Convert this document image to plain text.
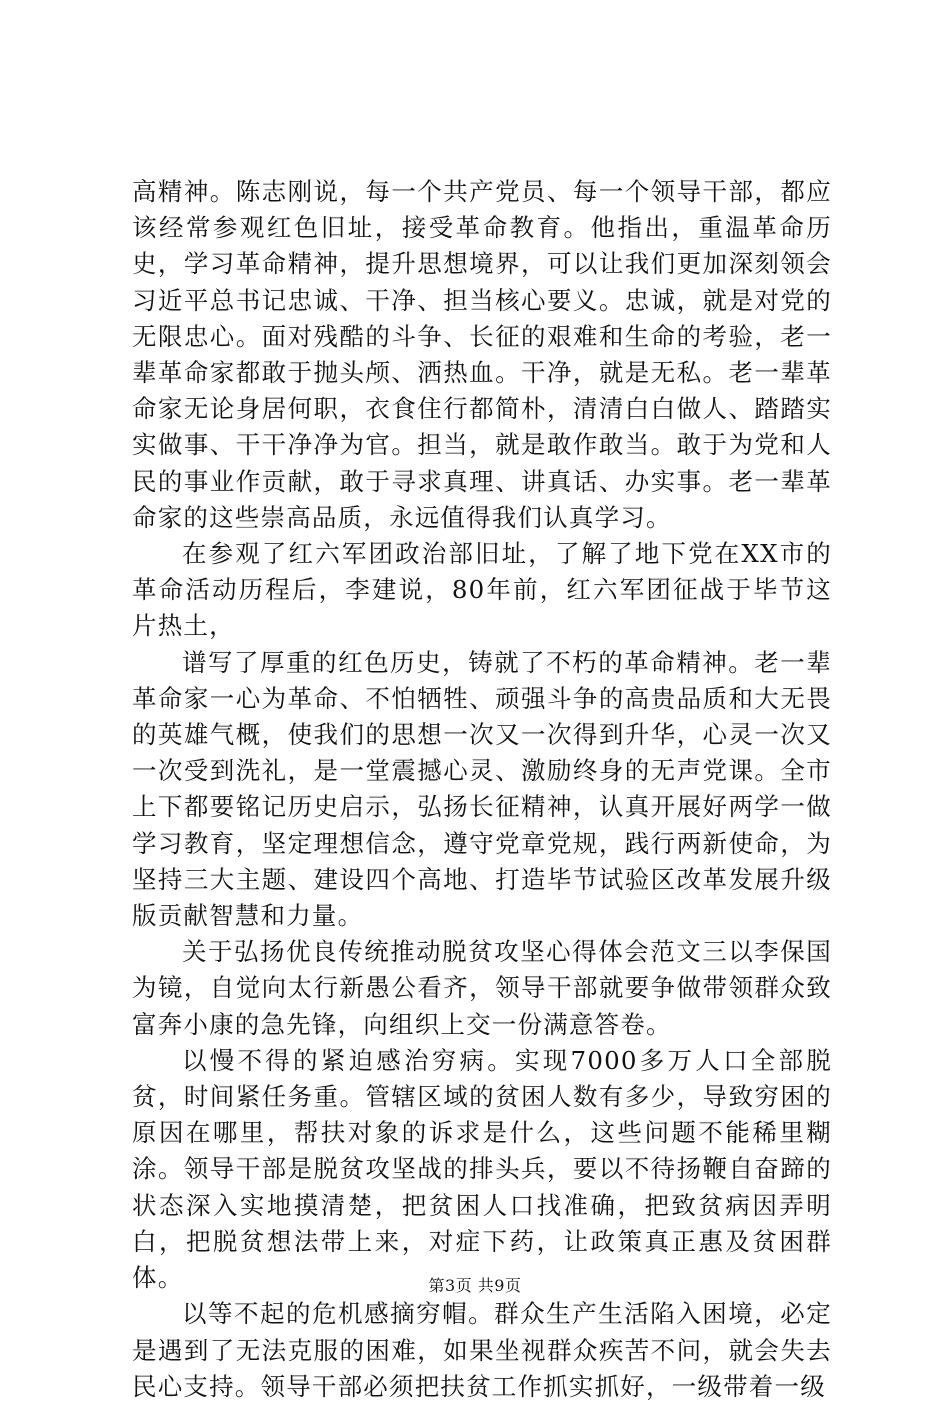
高精神。陈志刚说，每一个共产党员、每一个领导干部，都应该经常参观红色旧址，接受革命教育。他指出，重温革命历史，学习革命精神，提升思想境界，可以让我们更加深刻领会习近平总书记忠诚、干净、担当核心要义。忠诚，就是对党的无限忠心。面对残酷的斗争、长征的艰难和生命的考验，老一辈革命家都敢于抛头颅、洒热血。干净，就是无私。老一辈革命家无论身居何职，衣食住行都简朴，清清白白做人、踏踏实实做事、干干净净为官。担当，就是敢作敢当。敢于为党和人民的事业作贡献，敢于寻求真理、讲真话、办实事。老一辈革命家的这些崇高品质，永远值得我们认真学习。

在参观了红六军团政治部旧址，了解了地下党在XX市的革命活动历程后，李建说，80年前，红六军团征战于毕节这片热土，

谱写了厚重的红色历史，铸就了不朽的革命精神。老一辈革命家一心为革命、不怕牺牲、顽强斗争的高贵品质和大无畏的英雄气概，使我们的思想一次又一次得到升华，心灵一次又一次受到洗礼，是一堂震撼心灵、激励终身的无声党课。全市上下都要铭记历史启示，弘扬长征精神，认真开展好两学一做学习教育，坚定理想信念，遵守党章党规，践行两新使命，为坚持三大主题、建设四个高地、打造毕节试验区改革发展升级版贡献智慧和力量。

关于弘扬优良传统推动脱贫攻坚心得体会范文三以李保国为镜，自觉向太行新愚公看齐，领导干部就要争做带领群众致富奔小康的急先锋，向组织上交一份满意答卷。

以慢不得的紧迫感治穷病。实现7000多万人口全部脱贫，时间紧任务重。管辖区域的贫困人数有多少，导致穷困的原因在哪里，帮扶对象的诉求是什么，这些问题不能稀里糊涂。领导干部是脱贫攻坚战的排头兵，要以不待扬鞭自奋蹄的状态深入实地摸清楚，把贫困人口找准确，把致贫病因弄明白，把脱贫想法带上来，对症下药，让政策真正惠及贫困群体。

以等不起的危机感摘穷帽。群众生产生活陷入困境，必定是遇到了无法克服的困难，如果坐视群众疾苦不问，就会失去民心支持。领导干部必须把扶贫工作抓实抓好，一级带着一级

第3页 共9页
